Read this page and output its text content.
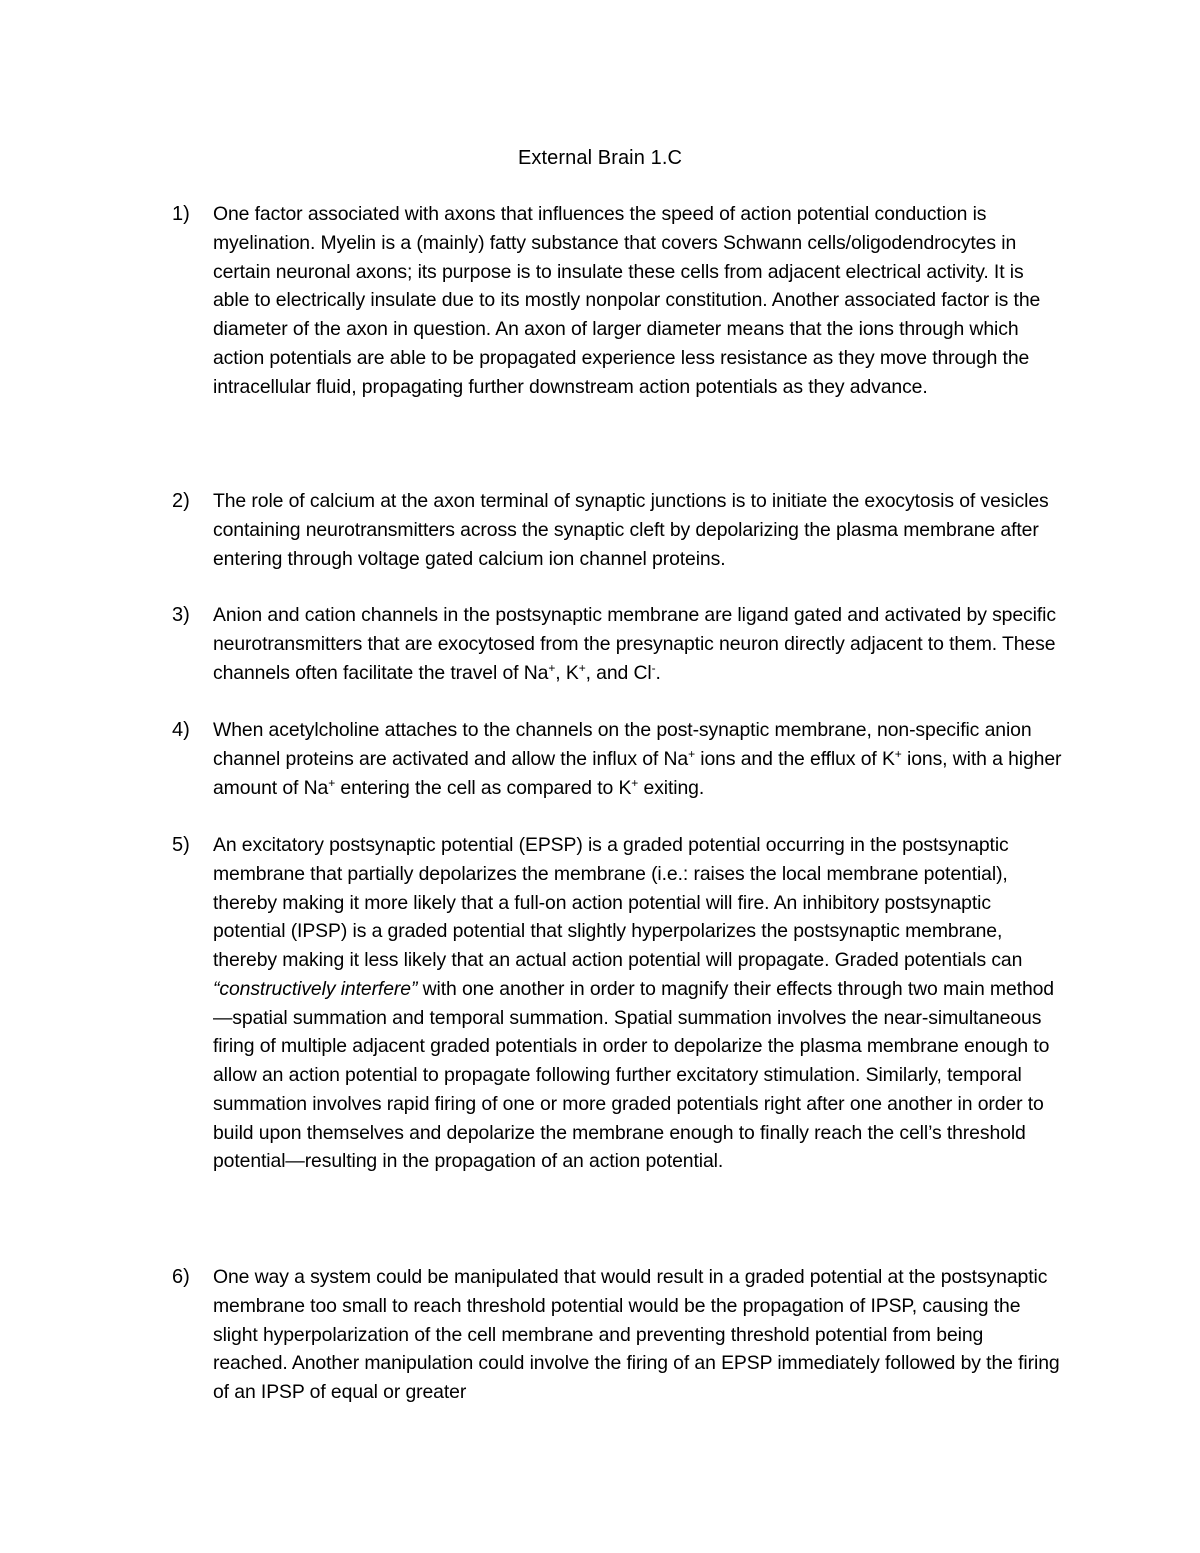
External Brain 1.C
1)	One factor associated with axons that influences the speed of action potential conduction is myelination. Myelin is a (mainly) fatty substance that covers Schwann cells/oligodendrocytes in certain neuronal axons; its purpose is to insulate these cells from adjacent electrical activity. It is able to electrically insulate due to its mostly nonpolar constitution. Another associated factor is the diameter of the axon in question. An axon of larger diameter means that the ions through which action potentials are able to be propagated experience less resistance as they move through the intracellular fluid, propagating further downstream action potentials as they advance.
2)	The role of calcium at the axon terminal of synaptic junctions is to initiate the exocytosis of vesicles containing neurotransmitters across the synaptic cleft by depolarizing the plasma membrane after entering through voltage gated calcium ion channel proteins.
3)	Anion and cation channels in the postsynaptic membrane are ligand gated and activated by specific neurotransmitters that are exocytosed from the presynaptic neuron directly adjacent to them. These channels often facilitate the travel of Na+, K+, and Cl-.
4)	When acetylcholine attaches to the channels on the post-synaptic membrane, non-specific anion channel proteins are activated and allow the influx of Na+ ions and the efflux of K+ ions, with a higher amount of Na+ entering the cell as compared to K+ exiting.
5)	An excitatory postsynaptic potential (EPSP) is a graded potential occurring in the postsynaptic membrane that partially depolarizes the membrane (i.e.: raises the local membrane potential), thereby making it more likely that a full-on action potential will fire. An inhibitory postsynaptic potential (IPSP) is a graded potential that slightly hyperpolarizes the postsynaptic membrane, thereby making it less likely that an actual action potential will propagate. Graded potentials can “constructively interfere” with one another in order to magnify their effects through two main method—spatial summation and temporal summation. Spatial summation involves the near-simultaneous firing of multiple adjacent graded potentials in order to depolarize the plasma membrane enough to allow an action potential to propagate following further excitatory stimulation. Similarly, temporal summation involves rapid firing of one or more graded potentials right after one another in order to build upon themselves and depolarize the membrane enough to finally reach the cell’s threshold potential—resulting in the propagation of an action potential.
6)	One way a system could be manipulated that would result in a graded potential at the postsynaptic membrane too small to reach threshold potential would be the propagation of IPSP, causing the slight hyperpolarization of the cell membrane and preventing threshold potential from being reached. Another manipulation could involve the firing of an EPSP immediately followed by the firing of an IPSP of equal or greater
